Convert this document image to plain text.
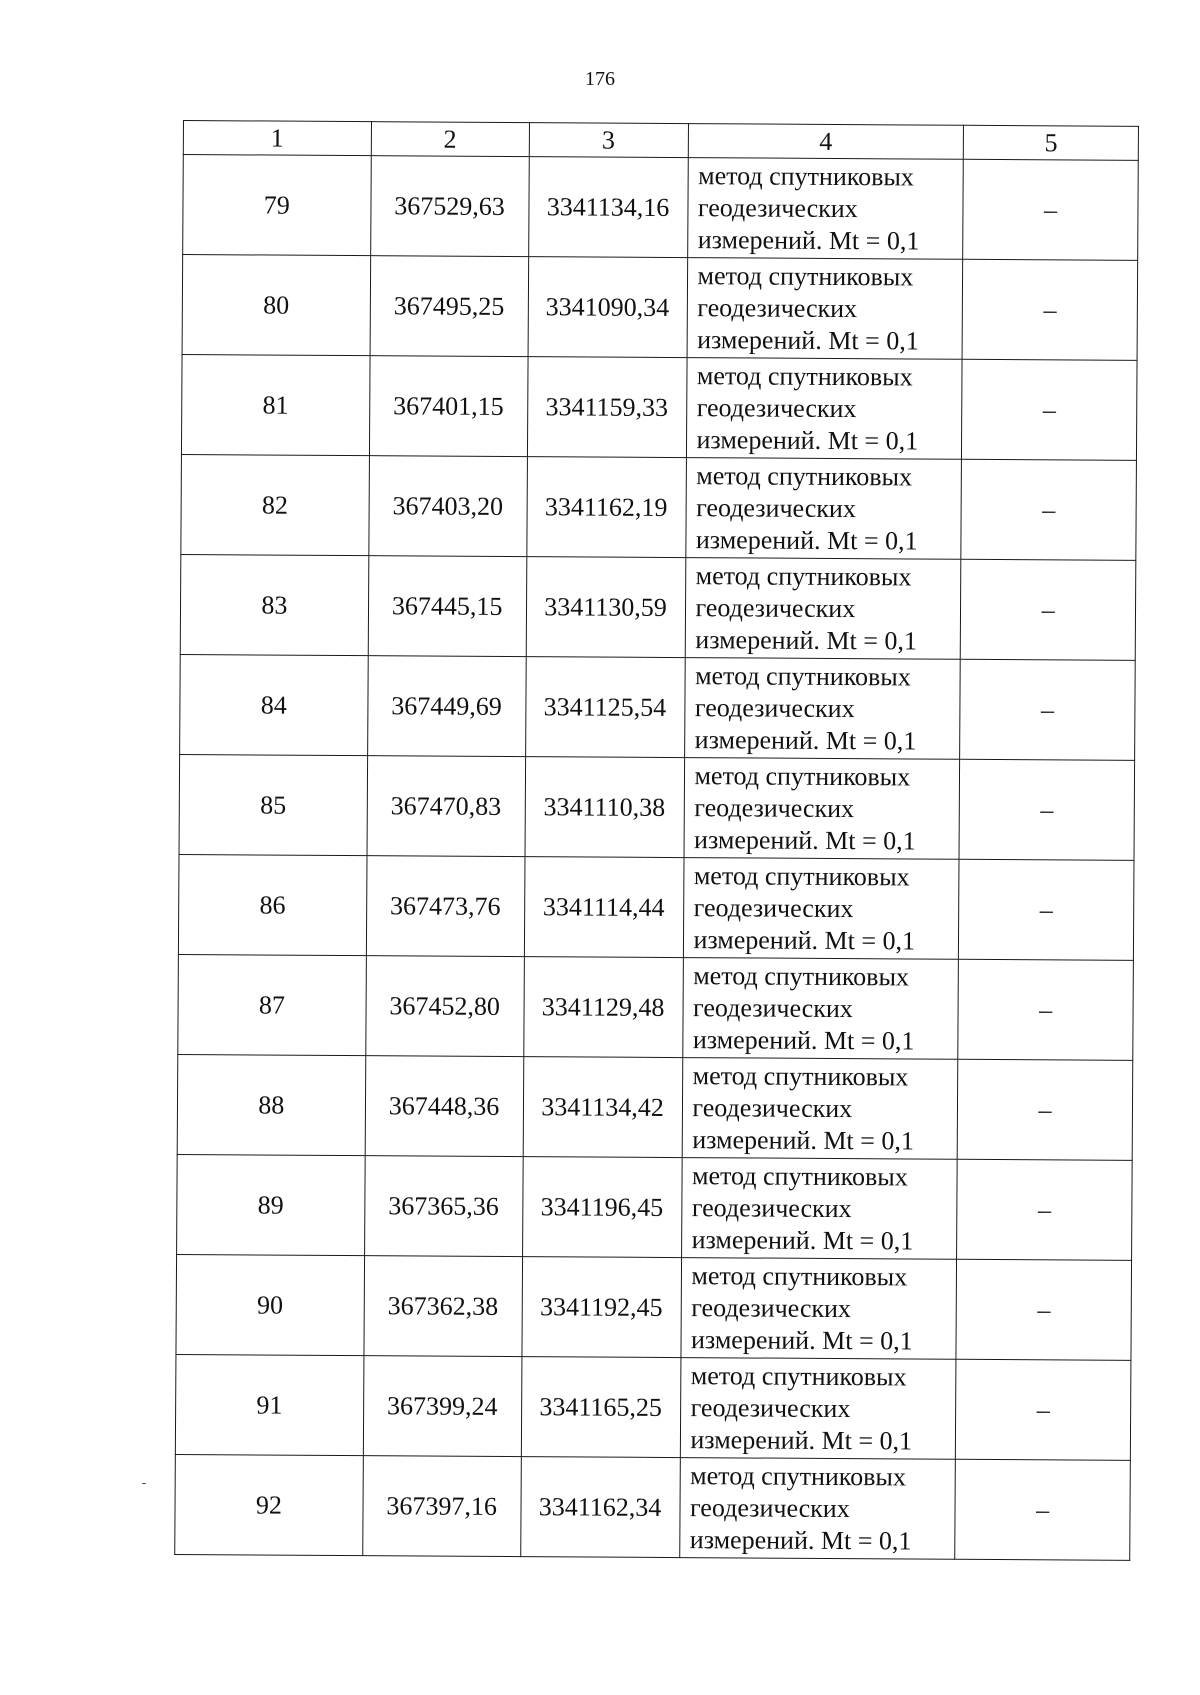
176
1	2	3	4	5
79	367529,63	3341134,16	метод спутниковых
геодезических
измерений. Mt = 0,1	–
80	367495,25	3341090,34	метод спутниковых
геодезических
измерений. Mt = 0,1	–
81	367401,15	3341159,33	метод спутниковых
геодезических
измерений. Mt = 0,1	–
82	367403,20	3341162,19	метод спутниковых
геодезических
измерений. Mt = 0,1	–
83	367445,15	3341130,59	метод спутниковых
геодезических
измерений. Mt = 0,1	–
84	367449,69	3341125,54	метод спутниковых
геодезических
измерений. Mt = 0,1	–
85	367470,83	3341110,38	метод спутниковых
геодезических
измерений. Mt = 0,1	–
86	367473,76	3341114,44	метод спутниковых
геодезических
измерений. Mt = 0,1	–
87	367452,80	3341129,48	метод спутниковых
геодезических
измерений. Mt = 0,1	–
88	367448,36	3341134,42	метод спутниковых
геодезических
измерений. Mt = 0,1	–
89	367365,36	3341196,45	метод спутниковых
геодезических
измерений. Mt = 0,1	–
90	367362,38	3341192,45	метод спутниковых
геодезических
измерений. Mt = 0,1	–
91	367399,24	3341165,25	метод спутниковых
геодезических
измерений. Mt = 0,1	–
92	367397,16	3341162,34	метод спутниковых
геодезических
измерений. Mt = 0,1	–
